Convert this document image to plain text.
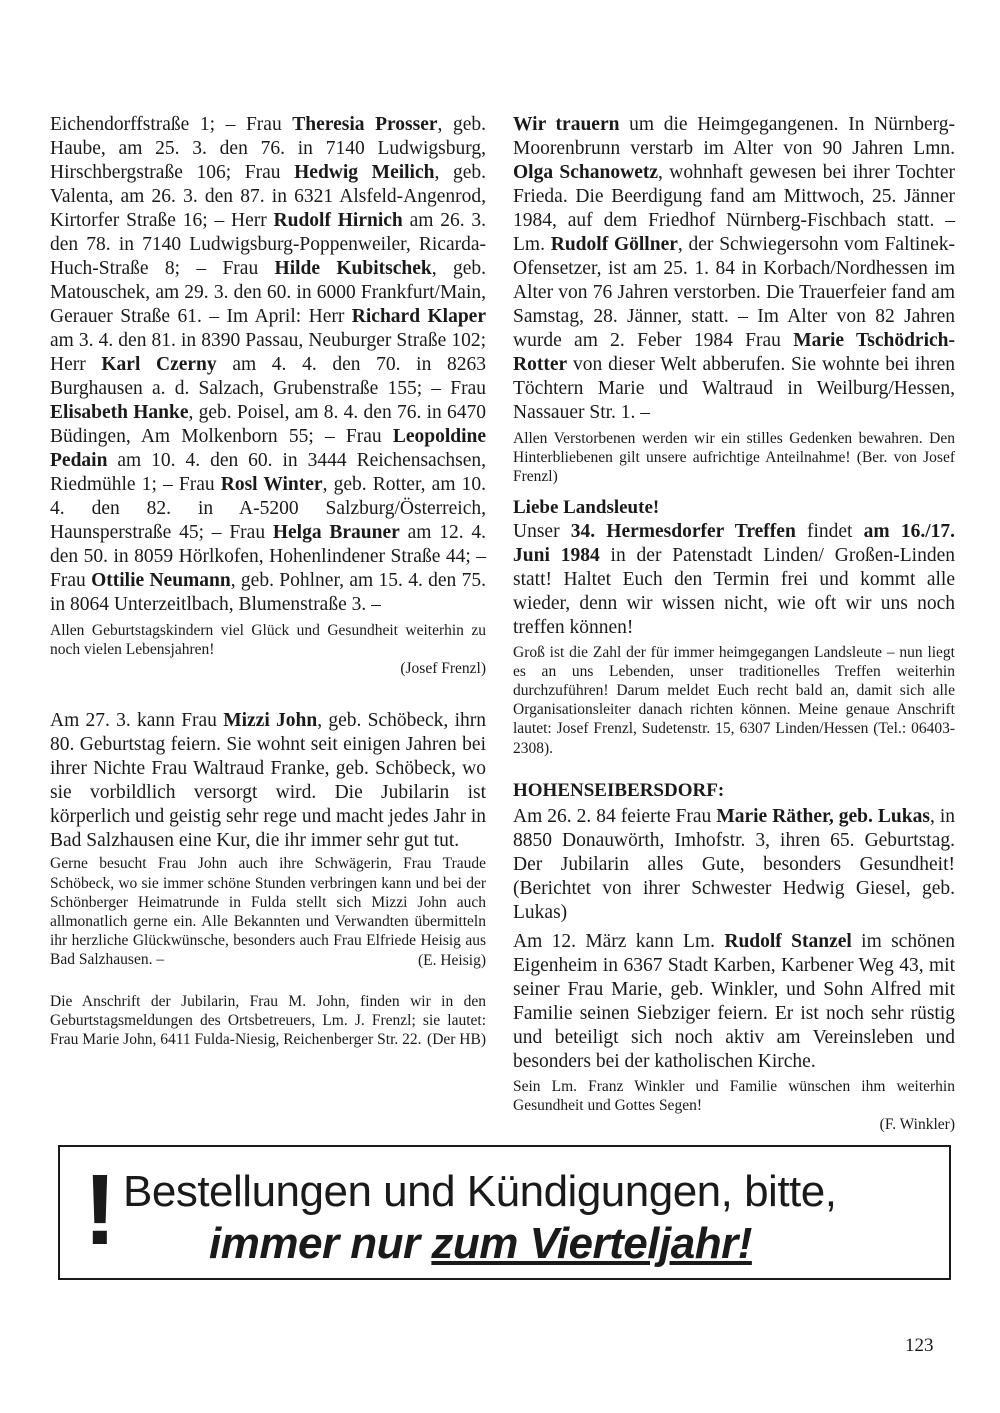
Eichendorffstraße 1; – Frau Theresia Prosser, geb. Haube, am 25. 3. den 76. in 7140 Ludwigsburg, Hirschbergstraße 106; Frau Hedwig Meilich, geb. Valenta, am 26. 3. den 87. in 6321 Alsfeld-Angenrod, Kirtorfer Straße 16; – Herr Rudolf Hirnich am 26. 3. den 78. in 7140 Ludwigsburg-Poppenweiler, Ricarda-Huch-Straße 8; – Frau Hilde Kubitschek, geb. Matouschek, am 29. 3. den 60. in 6000 Frankfurt/Main, Gerauer Straße 61. – Im April: Herr Richard Klaper am 3. 4. den 81. in 8390 Passau, Neuburger Straße 102; Herr Karl Czerny am 4. 4. den 70. in 8263 Burghausen a. d. Salzach, Grubenstraße 155; – Frau Elisabeth Hanke, geb. Poisel, am 8. 4. den 76. in 6470 Büdingen, Am Molkenborn 55; – Frau Leopoldine Pedain am 10. 4. den 60. in 3444 Reichensachsen, Riedmühle 1; – Frau Rosl Winter, geb. Rotter, am 10. 4. den 82. in A-5200 Salzburg/Österreich, Haunsperstraße 45; – Frau Helga Brauner am 12. 4. den 50. in 8059 Hörlkofen, Hohenlindener Straße 44; – Frau Ottilie Neumann, geb. Pohlner, am 15. 4. den 75. in 8064 Unterzeitlbach, Blumenstraße 3. –

Allen Geburtstagskindern viel Glück und Gesundheit weiterhin zu noch vielen Lebensjahren!

(Josef Frenzl)

Am 27. 3. kann Frau Mizzi John, geb. Schöbeck, ihrn 80. Geburtstag feiern. Sie wohnt seit einigen Jahren bei ihrer Nichte Frau Waltraud Franke, geb. Schöbeck, wo sie vorbildlich versorgt wird. Die Jubilarin ist körperlich und geistig sehr rege und macht jedes Jahr in Bad Salzhausen eine Kur, die ihr immer sehr gut tut.

Gerne besucht Frau John auch ihre Schwägerin, Frau Traude Schöbeck, wo sie immer schöne Stunden verbringen kann und bei der Schönberger Heimatrunde in Fulda stellt sich Mizzi John auch allmonatlich gerne ein. Alle Bekannten und Verwandten übermitteln ihr herzliche Glückwünsche, besonders auch Frau Elfriede Heisig aus Bad Salzhausen. –	(E. Heisig)

Die Anschrift der Jubilarin, Frau M. John, finden wir in den Geburtstagsmeldungen des Ortsbetreuers, Lm. J. Frenzl; sie lautet: Frau Marie John, 6411 Fulda-Niesig, Reichenberger Str. 22. (Der HB)

Wir trauern um die Heimgegangenen. In Nürnberg-Moorenbrunn verstarb im Alter von 90 Jahren Lmn. Olga Schanowetz, wohnhaft gewesen bei ihrer Tochter Frieda. Die Beerdigung fand am Mittwoch, 25. Jänner 1984, auf dem Friedhof Nürnberg-Fischbach statt. – Lm. Rudolf Göllner, der Schwiegersohn vom Faltinek-Ofensetzer, ist am 25. 1. 84 in Korbach/Nordhessen im Alter von 76 Jahren verstorben. Die Trauerfeier fand am Samstag, 28. Jänner, statt. – Im Alter von 82 Jahren wurde am 2. Feber 1984 Frau Marie Tschödrich-Rotter von dieser Welt abberufen. Sie wohnte bei ihren Töchtern Marie und Waltraud in Weilburg/Hessen, Nassauer Str. 1. –

Allen Verstorbenen werden wir ein stilles Gedenken bewahren. Den Hinterbliebenen gilt unsere aufrichtige Anteilnahme! (Ber. von Josef Frenzl)

Liebe Landsleute!

Unser 34. Hermesdorfer Treffen findet am 16./17. Juni 1984 in der Patenstadt Linden/ Großen-Linden statt! Haltet Euch den Termin frei und kommt alle wieder, denn wir wissen nicht, wie oft wir uns noch treffen können!

Groß ist die Zahl der für immer heimgegangen Landsleute – nun liegt es an uns Lebenden, unser traditionelles Treffen weiterhin durchzuführen! Darum meldet Euch recht bald an, damit sich alle Organisationsleiter danach richten können. Meine genaue Anschrift lautet: Josef Frenzl, Sudetenstr. 15, 6307 Linden/Hessen (Tel.: 06403-2308).

HOHENSEIBERSDORF:

Am 26. 2. 84 feierte Frau Marie Räther, geb. Lukas, in 8850 Donauwörth, Imhofstr. 3, ihren 65. Geburtstag. Der Jubilarin alles Gute, besonders Gesundheit! (Berichtet von ihrer Schwester Hedwig Giesel, geb. Lukas)

Am 12. März kann Lm. Rudolf Stanzel im schönen Eigenheim in 6367 Stadt Karben, Karbener Weg 43, mit seiner Frau Marie, geb. Winkler, und Sohn Alfred mit Familie seinen Siebziger feiern. Er ist noch sehr rüstig und beteiligt sich noch aktiv am Vereinsleben und besonders bei der katholischen Kirche.

Sein Lm. Franz Winkler und Familie wünschen ihm weiterhin Gesundheit und Gottes Segen!

(F. Winkler)

! Bestellungen und Kündigungen, bitte,
immer nur zum Vierteljahr!
123
